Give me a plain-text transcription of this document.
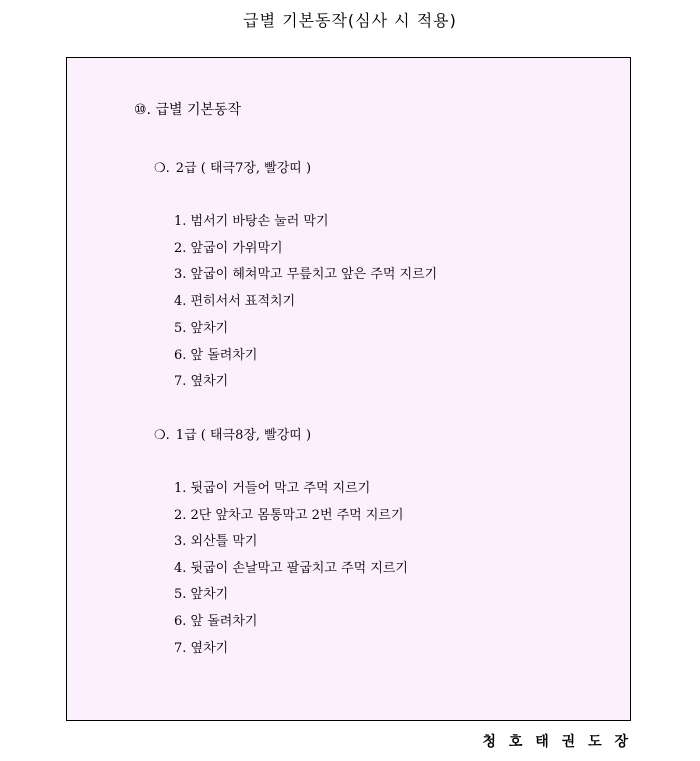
급별 기본동작(심사 시 적용)
⑩. 급별 기본동작
❍. 2급 ( 태극7장, 빨강띠 )
1. 범서기 바탕손 눌러 막기
2. 앞굽이 가위막기
3. 앞굽이 헤쳐막고 무릎치고 앞은 주먹 지르기
4. 편히서서 표적치기
5. 앞차기
6. 앞 돌려차기
7. 옆차기
❍. 1급 ( 태극8장, 빨강띠 )
1. 뒷굽이 거들어 막고 주먹 지르기
2. 2단 앞차고 몸통막고 2번 주먹 지르기
3. 외산틀 막기
4. 뒷굽이 손날막고 팔굽치고 주먹 지르기
5. 앞차기
6. 앞 돌려차기
7. 옆차기
청 호 태 권 도 장
